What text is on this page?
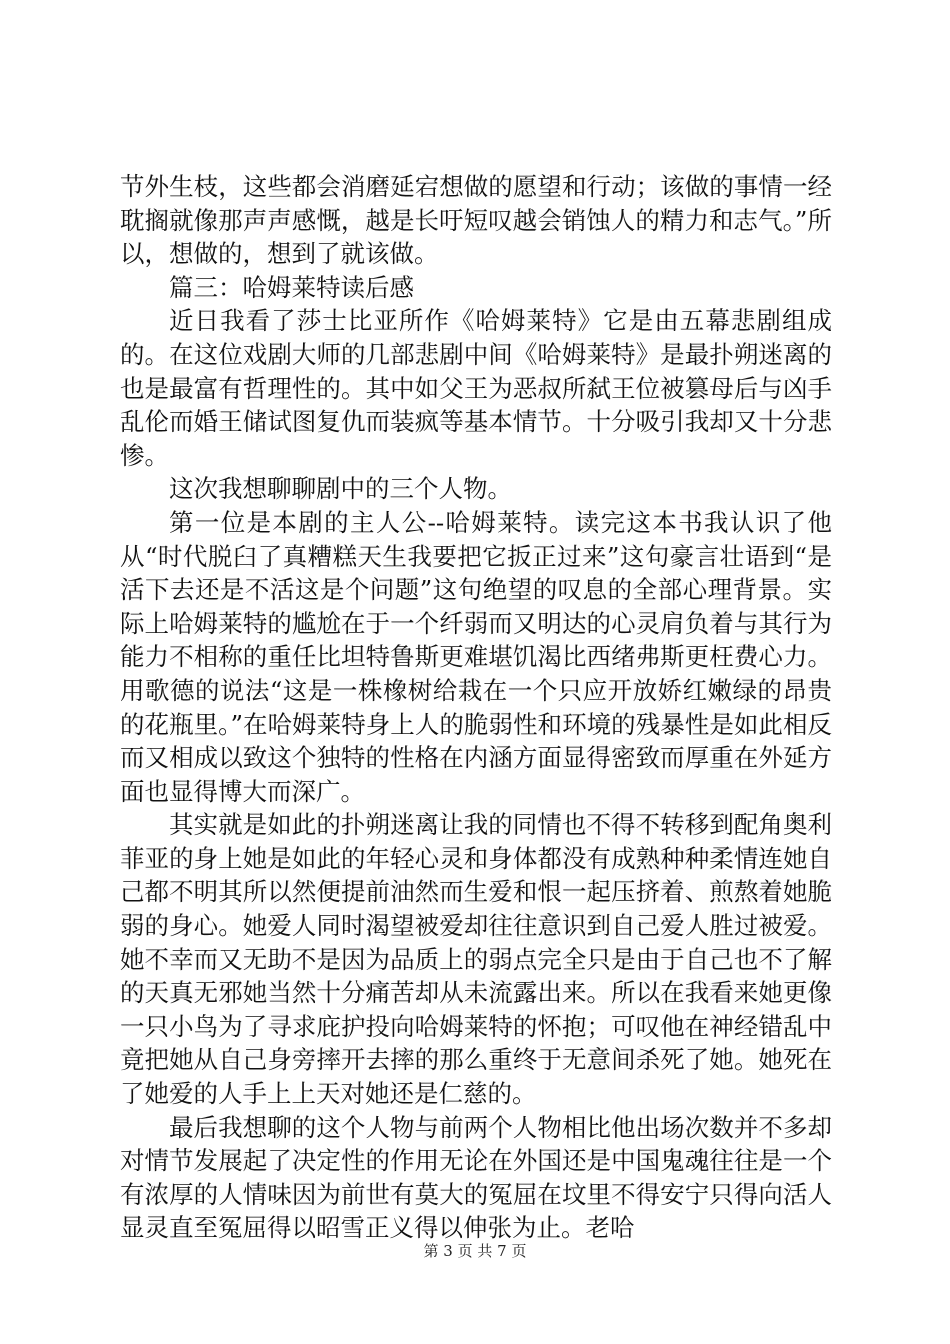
节外生枝，这些都会消磨延宕想做的愿望和行动；该做的事情一经耽搁就像那声声感慨，越是长吁短叹越会销蚀人的精力和志气。”所以，想做的，想到了就该做。

篇三：哈姆莱特读后感

近日我看了莎士比亚所作《哈姆莱特》它是由五幕悲剧组成的。在这位戏剧大师的几部悲剧中间《哈姆莱特》是最扑朔迷离的也是最富有哲理性的。其中如父王为恶叔所弑王位被篡母后与凶手乱伦而婚王储试图复仇而装疯等基本情节。十分吸引我却又十分悲惨。

这次我想聊聊剧中的三个人物。

第一位是本剧的主人公--哈姆莱特。读完这本书我认识了他从“时代脱臼了真糟糕天生我要把它扳正过来”这句豪言壮语到“是活下去还是不活这是个问题”这句绝望的叹息的全部心理背景。实际上哈姆莱特的尴尬在于一个纤弱而又明达的心灵肩负着与其行为能力不相称的重任比坦特鲁斯更难堪饥渴比西绪弗斯更枉费心力。用歌德的说法“这是一株橡树给栽在一个只应开放娇红嫩绿的昂贵的花瓶里。”在哈姆莱特身上人的脆弱性和环境的残暴性是如此相反而又相成以致这个独特的性格在内涵方面显得密致而厚重在外延方面也显得博大而深广。

其实就是如此的扑朔迷离让我的同情也不得不转移到配角奥利菲亚的身上她是如此的年轻心灵和身体都没有成熟种种柔情连她自己都不明其所以然便提前油然而生爱和恨一起压挤着、煎熬着她脆弱的身心。她爱人同时渴望被爱却往往意识到自己爱人胜过被爱。她不幸而又无助不是因为品质上的弱点完全只是由于自己也不了解的天真无邪她当然十分痛苦却从未流露出来。所以在我看来她更像一只小鸟为了寻求庇护投向哈姆莱特的怀抱；可叹他在神经错乱中竟把她从自己身旁摔开去摔的那么重终于无意间杀死了她。她死在了她爱的人手上上天对她还是仁慈的。

最后我想聊的这个人物与前两个人物相比他出场次数并不多却对情节发展起了决定性的作用无论在外国还是中国鬼魂往往是一个有浓厚的人情味因为前世有莫大的冤屈在坟里不得安宁只得向活人显灵直至冤屈得以昭雪正义得以伸张为止。老哈

第 3 页 共 7 页
